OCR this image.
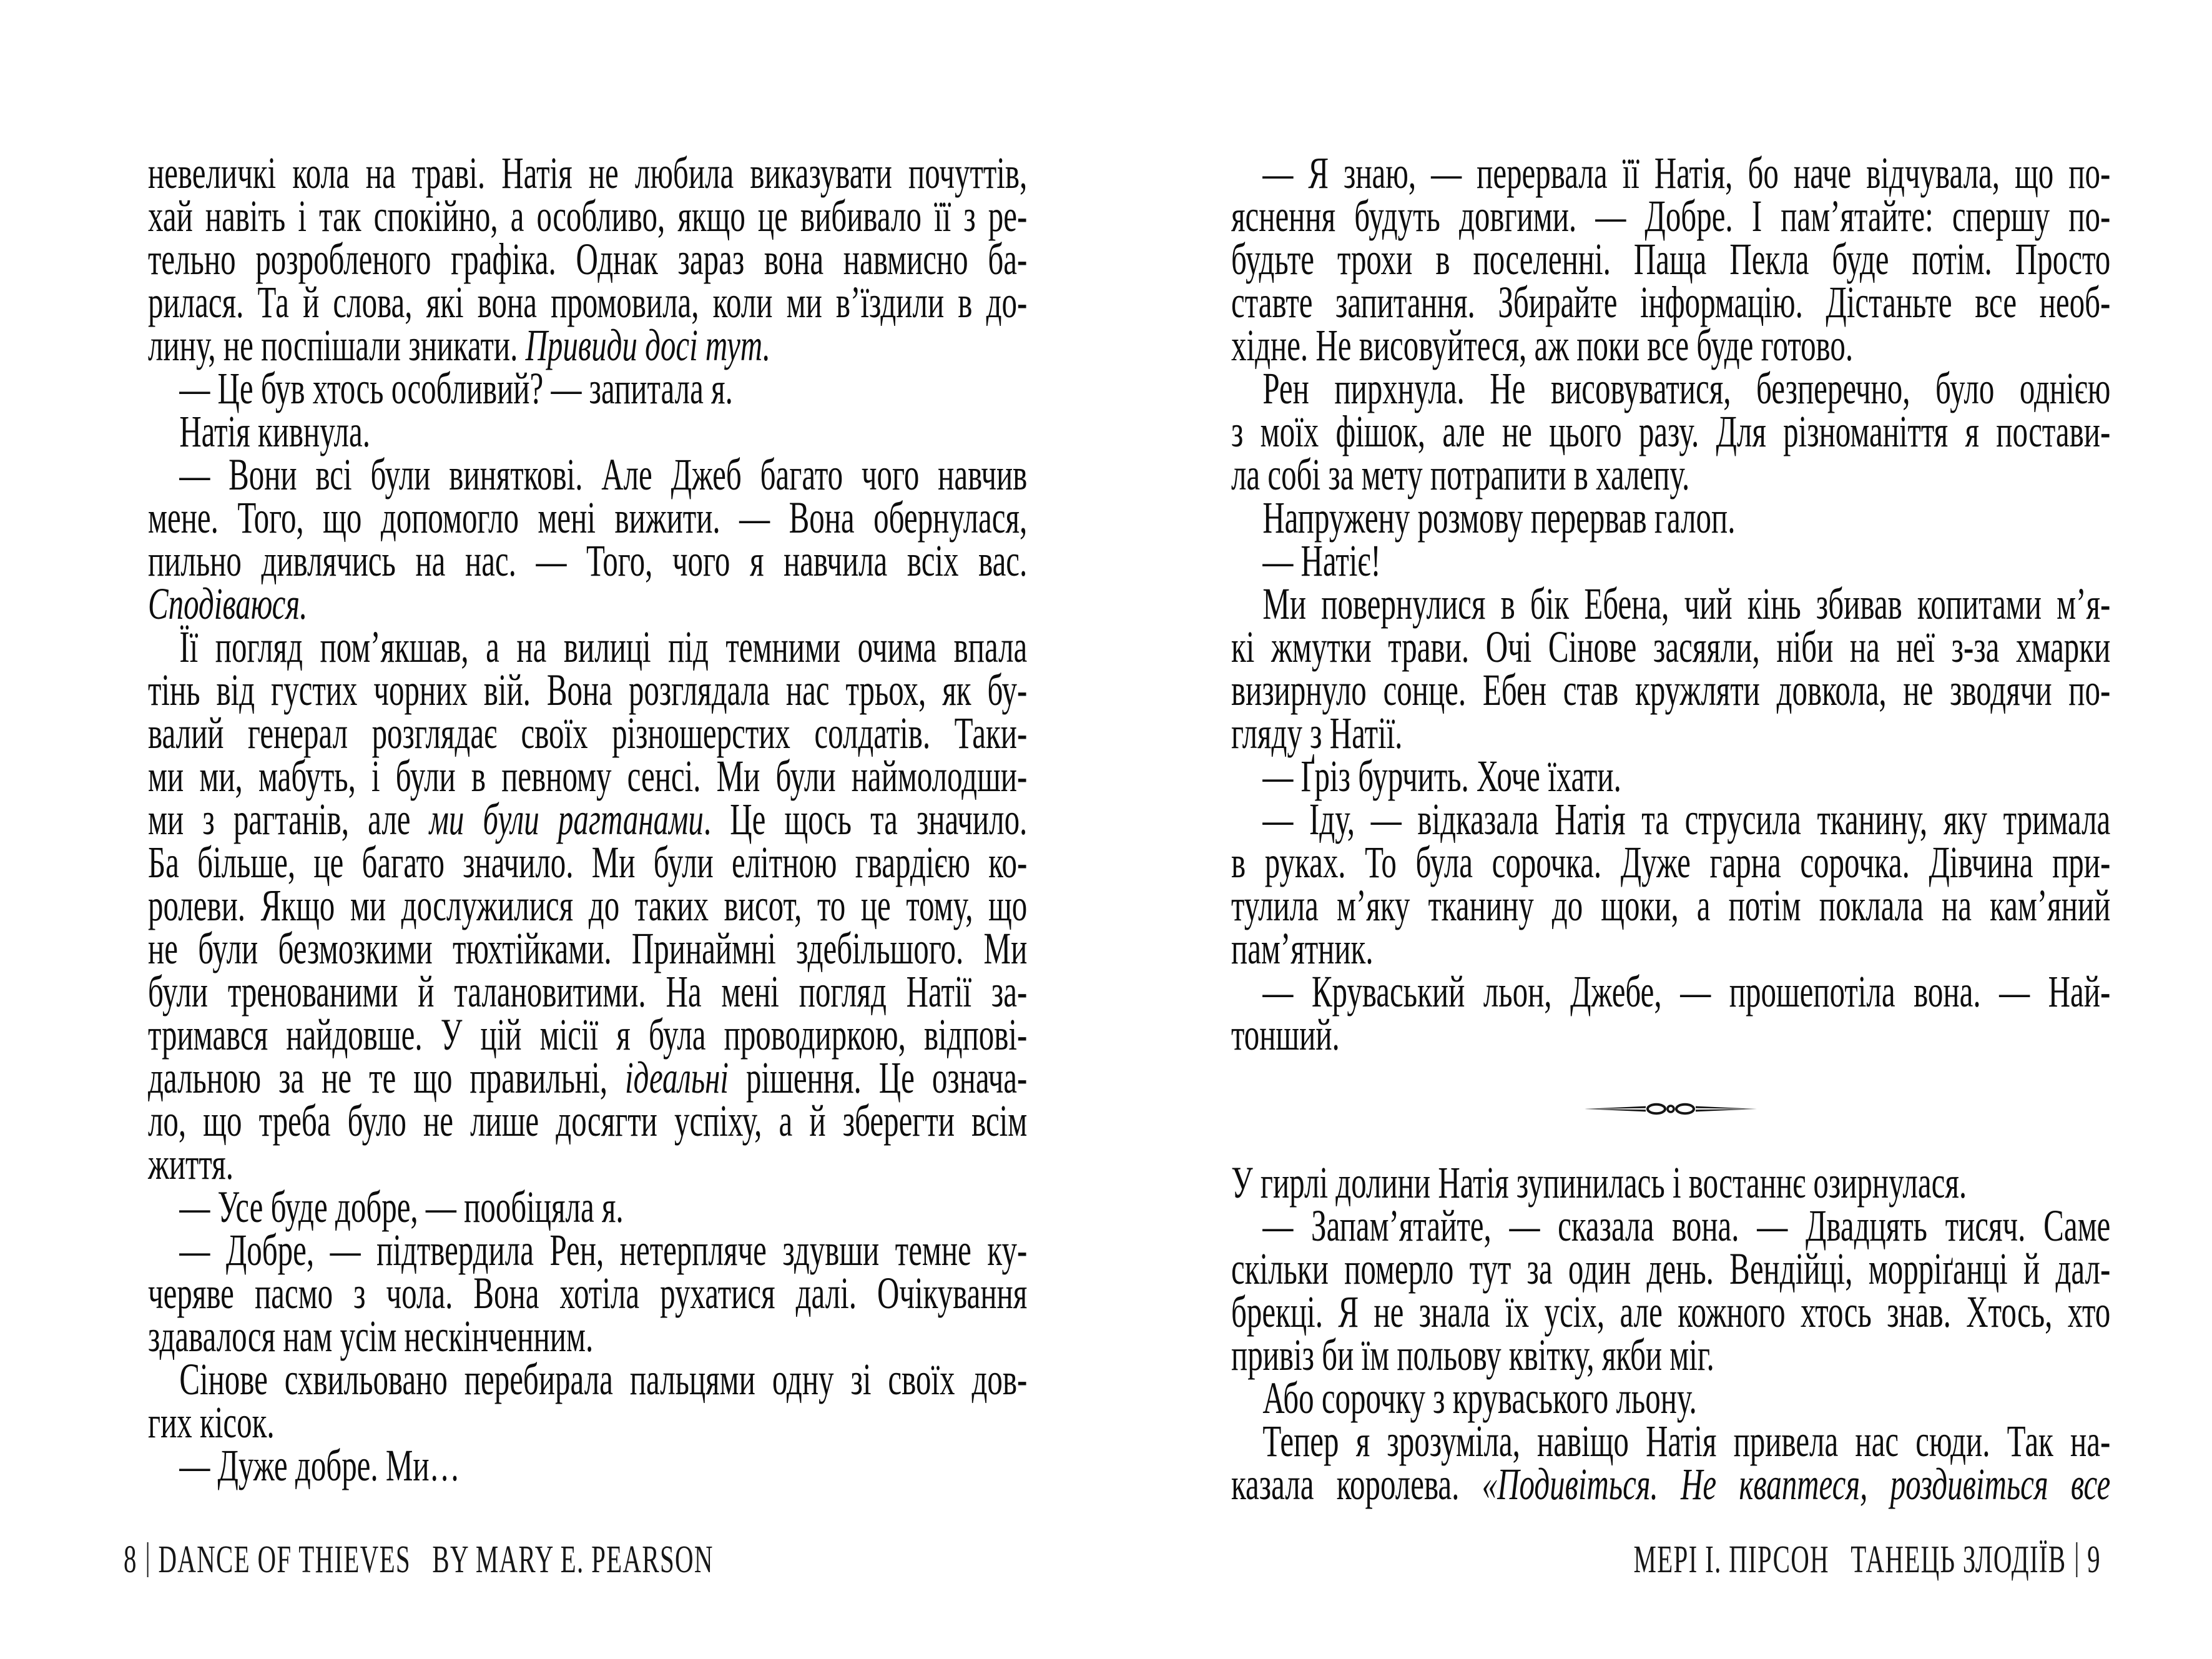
невеличкі кола на траві. Натія не любила виказувати почуттів,
хай навіть і так спокійно, а особливо, якщо це вибивало її з ре-
тельно розробленого графіка. Однак зараз вона навмисно ба-
рилася. Та й слова, які вона промовила, коли ми в’їздили в до-
лину, не поспішали зникати. Привиди досі тут.
— Це був хтось особливий? — запитала я.
Натія кивнула.
— Вони всі були виняткові. Але Джеб багато чого навчив
мене. Того, що допомогло мені вижити. — Вона обернулася,
пильно дивлячись на нас. — Того, чого я навчила всіх вас.
Сподіваюся.
Її погляд пом’якшав, а на вилиці під темними очима впала
тінь від густих чорних вій. Вона розглядала нас трьох, як бу-
валий генерал розглядає своїх різношерстих солдатів. Таки-
ми ми, мабуть, і були в певному сенсі. Ми були наймолодши-
ми з рагтанів, але ми були рагтанами. Це щось та значило.
Ба більше, це багато значило. Ми були елітною гвардією ко-
ролеви. Якщо ми дослужилися до таких висот, то це тому, що
не були безмозкими тюхтійками. Принаймні здебільшого. Ми
були тренованими й талановитими. На мені погляд Натії за-
тримався найдовше. У цій місії я була проводиркою, відпові-
дальною за не те що правильні, ідеальні рішення. Це означа-
ло, що треба було не лише досягти успіху, а й зберегти всім
життя.
— Усе буде добре, — пообіцяла я.
— Добре, — підтвердила Рен, нетерпляче здувши темне ку-
черяве пасмо з чола. Вона хотіла рухатися далі. Очікування
здавалося нам усім нескінченним.
Сінове схвильовано перебирала пальцями одну зі своїх дов-
гих кісок.
— Дуже добре. Ми…
— Я знаю, — перервала її Натія, бо наче відчувала, що по-
яснення будуть довгими. — Добре. І пам’ятайте: спершу по-
будьте трохи в поселенні. Паща Пекла буде потім. Просто
ставте запитання. Збирайте інформацію. Дістаньте все необ-
хідне. Не висовуйтеся, аж поки все буде готово.
Рен пирхнула. Не висовуватися, безперечно, було однією
з моїх фішок, але не цього разу. Для різноманіття я постави-
ла собі за мету потрапити в халепу.
Напружену розмову перервав галоп.
— Натіє!
Ми повернулися в бік Ебена, чий кінь збивав копитами м’я-
кі жмутки трави. Очі Сінове засяяли, ніби на неї з-за хмарки
визирнуло сонце. Ебен став кружляти довкола, не зводячи по-
гляду з Натії.
— Ґріз бурчить. Хоче їхати.
— Іду, — відказала Натія та струсила тканину, яку тримала
в руках. То була сорочка. Дуже гарна сорочка. Дівчина при-
тулила м’яку тканину до щоки, а потім поклала на кам’яний
пам’ятник.
— Круваський льон, Джебе, — прошепотіла вона. — Най-
тонший.
У гирлі долини Натія зупинилась і востаннє озирнулася.
— Запам’ятайте, — сказала вона. — Двадцять тисяч. Саме
скільки померло тут за один день. Вендійці, морріґанці й дал-
брекці. Я не знала їх усіх, але кожного хтось знав. Хтось, хто
привіз би їм польову квітку, якби міг.
Або сорочку з круваського льону.
Тепер я зрозуміла, навіщо Натія привела нас сюди. Так на-
казала королева. «Подивіться. Не кваптеся, роздивіться все
8 DANCE OF THIEVES BY MARY E. PEARSON	МЕРІ І. ПІРСОН ТАНЕЦЬ ЗЛОДІЇВ 9
